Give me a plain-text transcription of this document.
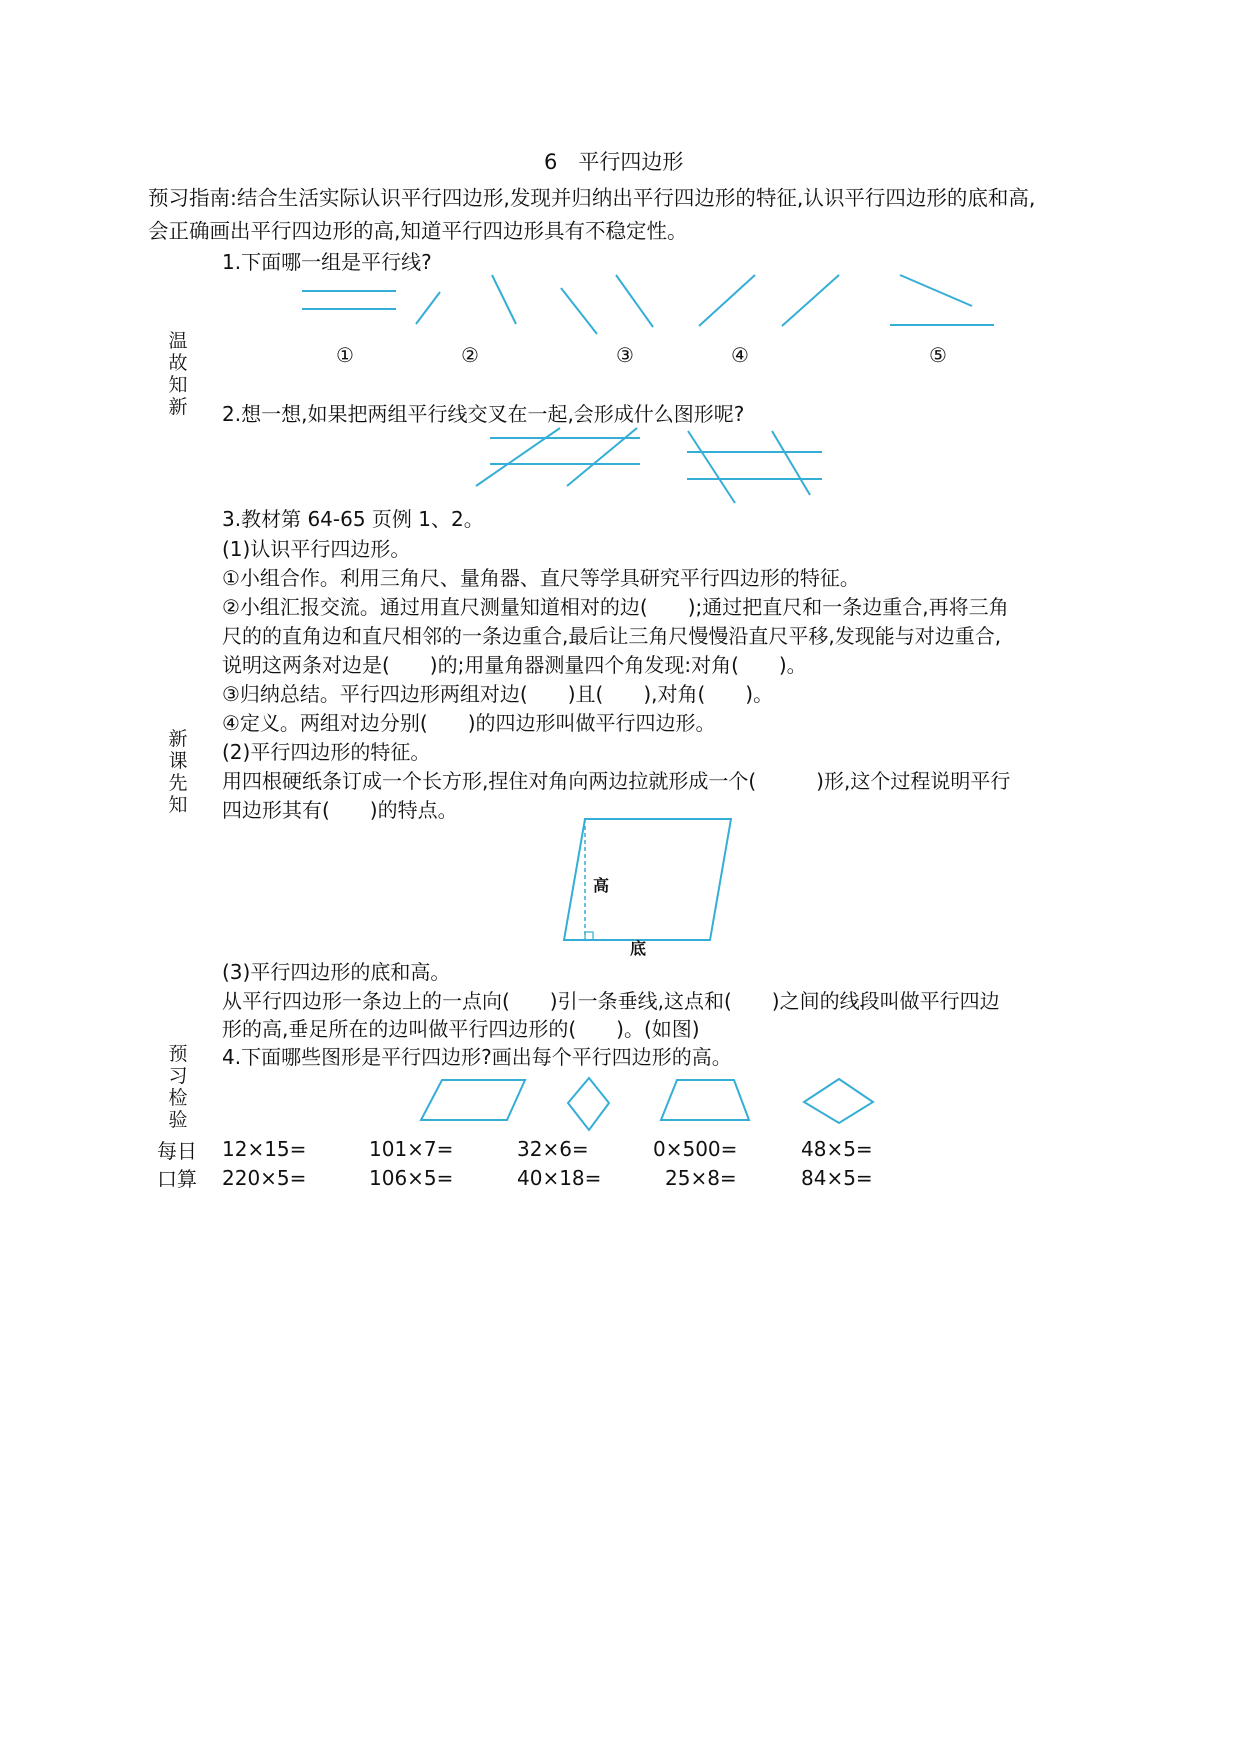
6　平行四边形
预习指南:结合生活实际认识平行四边形,发现并归纳出平行四边形的特征,认识平行四边形的底和高,
会正确画出平行四边形的高,知道平行四边形具有不稳定性。
温
故
知
新
1.下面哪一组是平行线?
①	②	③	④	⑤
2.想一想,如果把两组平行线交叉在一起,会形成什么图形呢?
新
课
先
知
3.教材第 64-65 页例 1、2。
(1)认识平行四边形。
①小组合作。利用三角尺、量角器、直尺等学具研究平行四边形的特征。
②小组汇报交流。通过用直尺测量知道相对的边(　　);通过把直尺和一条边重合,再将三角
尺的的直角边和直尺相邻的一条边重合,最后让三角尺慢慢沿直尺平移,发现能与对边重合,
说明这两条对边是(　　)的;用量角器测量四个角发现:对角(　　)。
③归纳总结。平行四边形两组对边(　　)且(　　),对角(　　)。
④定义。两组对边分别(　　)的四边形叫做平行四边形。
(2)平行四边形的特征。
用四根硬纸条订成一个长方形,捏住对角向两边拉就形成一个(　　　)形,这个过程说明平行
四边形其有(　　)的特点。
高
底
(3)平行四边形的底和高。
从平行四边形一条边上的一点向(　　)引一条垂线,这点和(　　)之间的线段叫做平行四边
形的高,垂足所在的边叫做平行四边形的(　　)。(如图)
预
习
检
验
4.下面哪些图形是平行四边形?画出每个平行四边形的高。
每日
口算
12×15=	101×7=	32×6=	0×500=	48×5=
220×5=	106×5=	40×18=	25×8=	84×5=
